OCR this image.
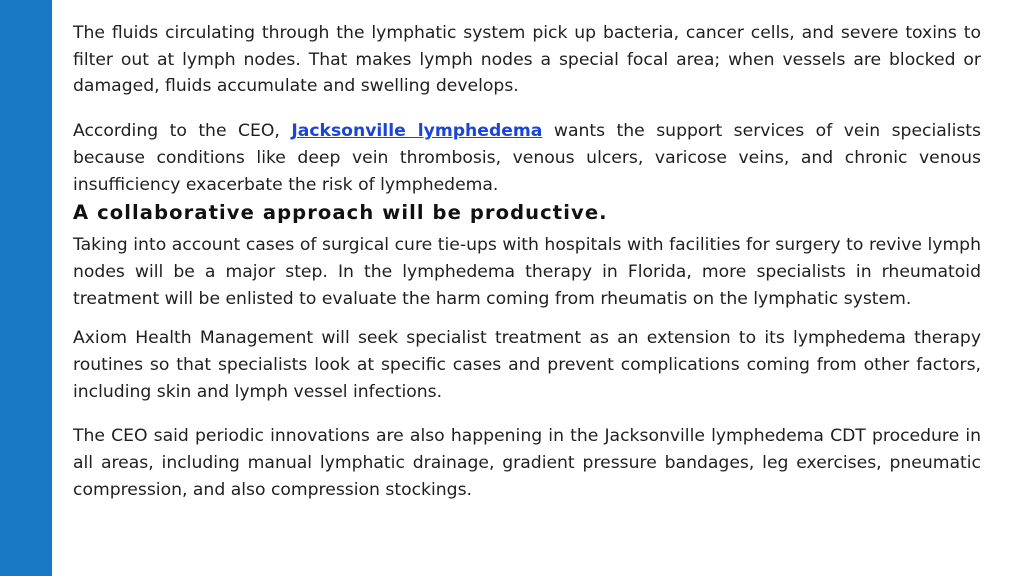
The fluids circulating through the lymphatic system pick up bacteria, cancer cells, and severe toxins to filter out at lymph nodes. That makes lymph nodes a special focal area; when vessels are blocked or damaged, fluids accumulate and swelling develops.

According to the CEO, Jacksonville lymphedema wants the support services of vein specialists because conditions like deep vein thrombosis, venous ulcers, varicose veins, and chronic venous insufficiency exacerbate the risk of lymphedema.

A collaborative approach will be productive.

Taking into account cases of surgical cure tie-ups with hospitals with facilities for surgery to revive lymph nodes will be a major step. In the lymphedema therapy in Florida, more specialists in rheumatoid treatment will be enlisted to evaluate the harm coming from rheumatis on the lymphatic system.

Axiom Health Management will seek specialist treatment as an extension to its lymphedema therapy routines so that specialists look at specific cases and prevent complications coming from other factors, including skin and lymph vessel infections.

The CEO said periodic innovations are also happening in the Jacksonville lymphedema CDT procedure in all areas, including manual lymphatic drainage, gradient pressure bandages, leg exercises, pneumatic compression, and also compression stockings.
